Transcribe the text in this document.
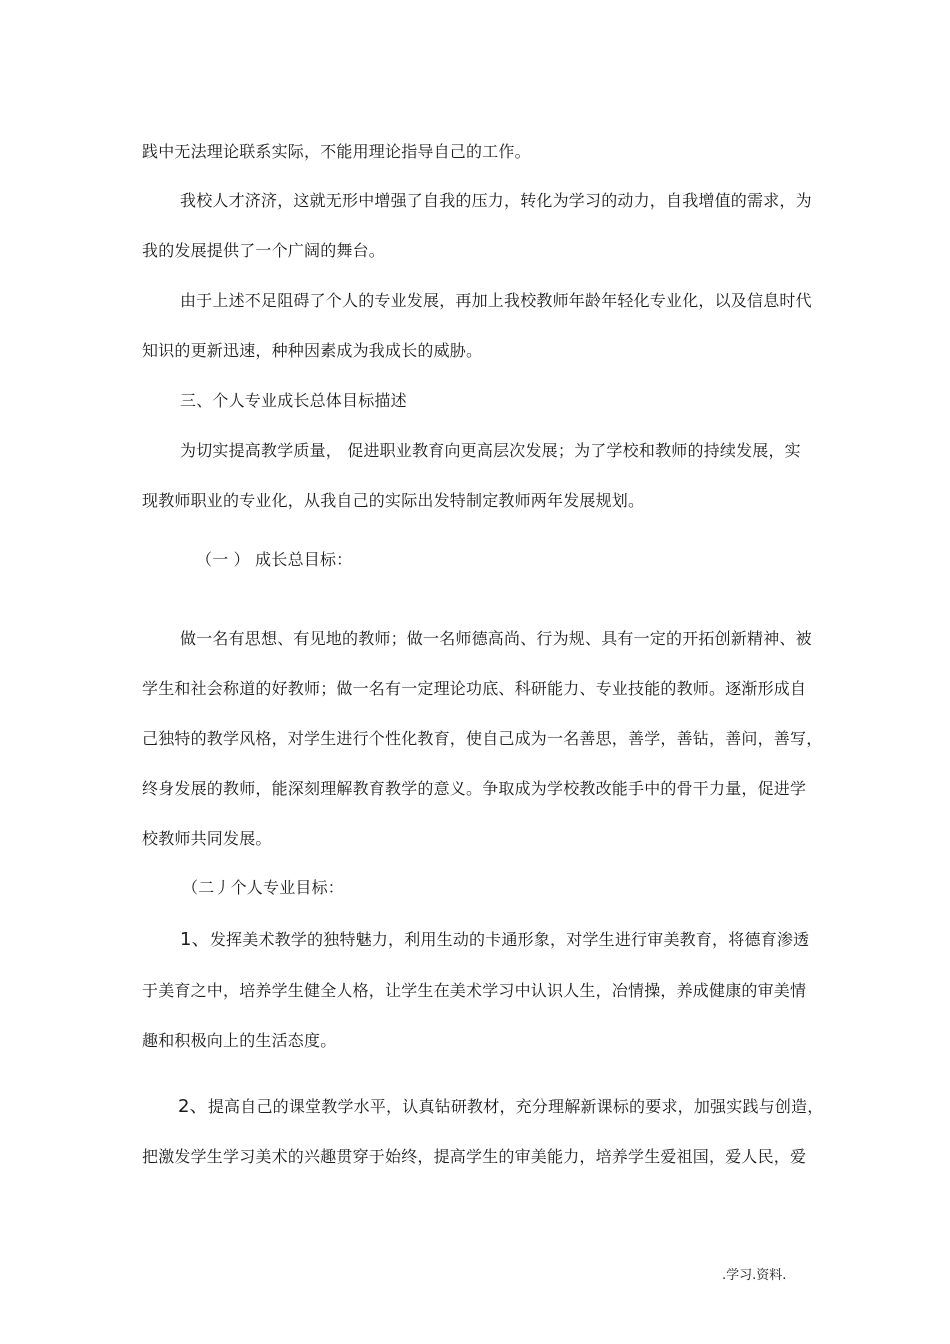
践中无法理论联系实际，不能用理论指导自己的工作。
我校人才济济，这就无形中增强了自我的压力，转化为学习的动力，自我增值的需求，为
我的发展提供了一个广阔的舞台。
由于上述不足阻碍了个人的专业发展，再加上我校教师年龄年轻化专业化，以及信息时代
知识的更新迅速，种种因素成为我成长的威胁。
三、个人专业成长总体目标描述
为切实提高教学质量， 促进职业教育向更高层次发展；为了学校和教师的持续发展，实
现教师职业的专业化，从我自己的实际出发特制定教师两年发展规划。
（一 ） 成长总目标：
做一名有思想、有见地的教师；做一名师德高尚、行为规、具有一定的开拓创新精神、被
学生和社会称道的好教师；做一名有一定理论功底、科研能力、专业技能的教师。逐渐形成自
己独特的教学风格，对学生进行个性化教育，使自己成为一名善思，善学，善钻，善问，善写，
终身发展的教师，能深刻理解教育教学的意义。争取成为学校教改能手中的骨干力量，促进学
校教师共同发展。
（二丿个人专业目标：
1、发挥美术教学的独特魅力，利用生动的卡通形象，对学生进行审美教育，将德育渗透
于美育之中，培养学生健全人格，让学生在美术学习中认识人生，冶情操，养成健康的审美情
趣和积极向上的生活态度。
2、提高自己的课堂教学水平，认真钻研教材，充分理解新课标的要求，加强实践与创造，
把激发学生学习美术的兴趣贯穿于始终，提高学生的审美能力，培养学生爱祖国，爱人民，爱
.学习.资料.
